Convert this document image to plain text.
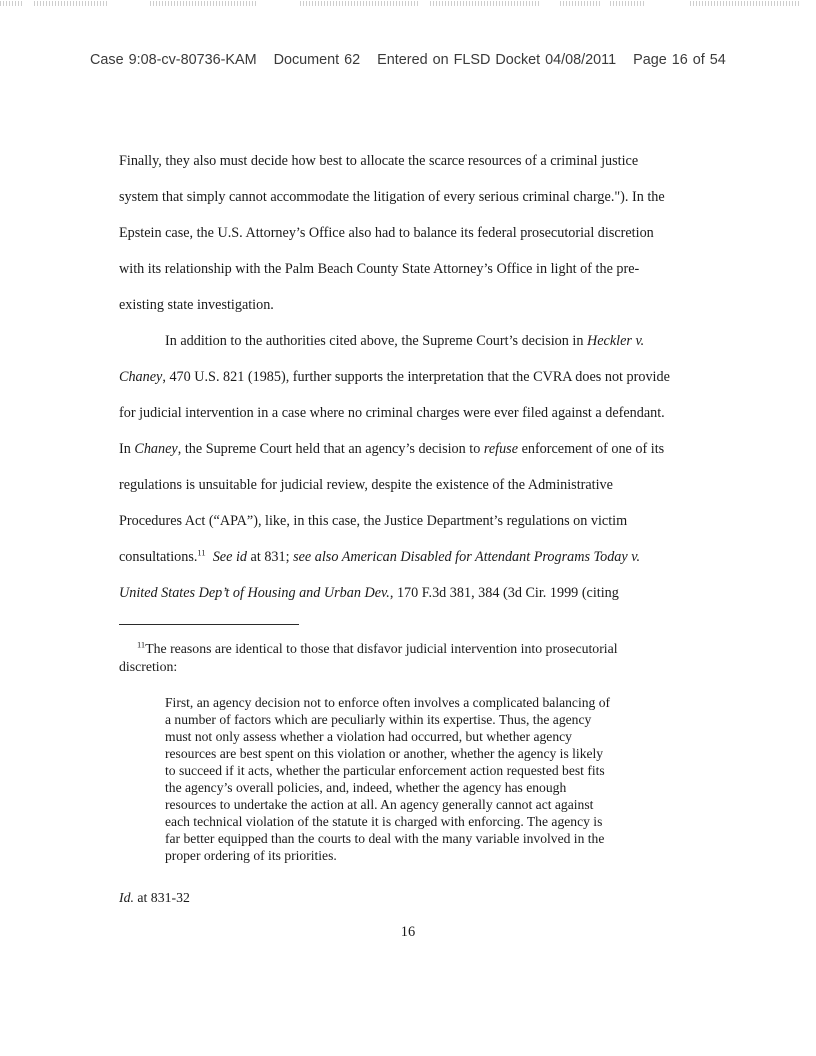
Case 9:08-cv-80736-KAM Document 62 Entered on FLSD Docket 04/08/2011 Page 16 of 54
Finally, they also must decide how best to allocate the scarce resources of a criminal justice
system that simply cannot accommodate the litigation of every serious criminal charge."). In the
Epstein case, the U.S. Attorney’s Office also had to balance its federal prosecutorial discretion
with its relationship with the Palm Beach County State Attorney’s Office in light of the pre-
existing state investigation.
In addition to the authorities cited above, the Supreme Court’s decision in Heckler v.
Chaney, 470 U.S. 821 (1985), further supports the interpretation that the CVRA does not provide
for judicial intervention in a case where no criminal charges were ever filed against a defendant.
In Chaney, the Supreme Court held that an agency’s decision to refuse enforcement of one of its
regulations is unsuitable for judicial review, despite the existence of the Administrative
Procedures Act (“APA”), like, in this case, the Justice Department’s regulations on victim
consultations.$^{11}$ See id at 831; see also American Disabled for Attendant Programs Today v.
United States Dep’t of Housing and Urban Dev., 170 F.3d 381, 384 (3d Cir. 1999 (citing
$^{11}$The reasons are identical to those that disfavor judicial intervention into prosecutorial
discretion:
First, an agency decision not to enforce often involves a complicated balancing of
a number of factors which are peculiarly within its expertise. Thus, the agency
must not only assess whether a violation had occurred, but whether agency
resources are best spent on this violation or another, whether the agency is likely
to succeed if it acts, whether the particular enforcement action requested best fits
the agency’s overall policies, and, indeed, whether the agency has enough
resources to undertake the action at all. An agency generally cannot act against
each technical violation of the statute it is charged with enforcing. The agency is
far better equipped than the courts to deal with the many variable involved in the
proper ordering of its priorities.
Id. at 831-32
16
